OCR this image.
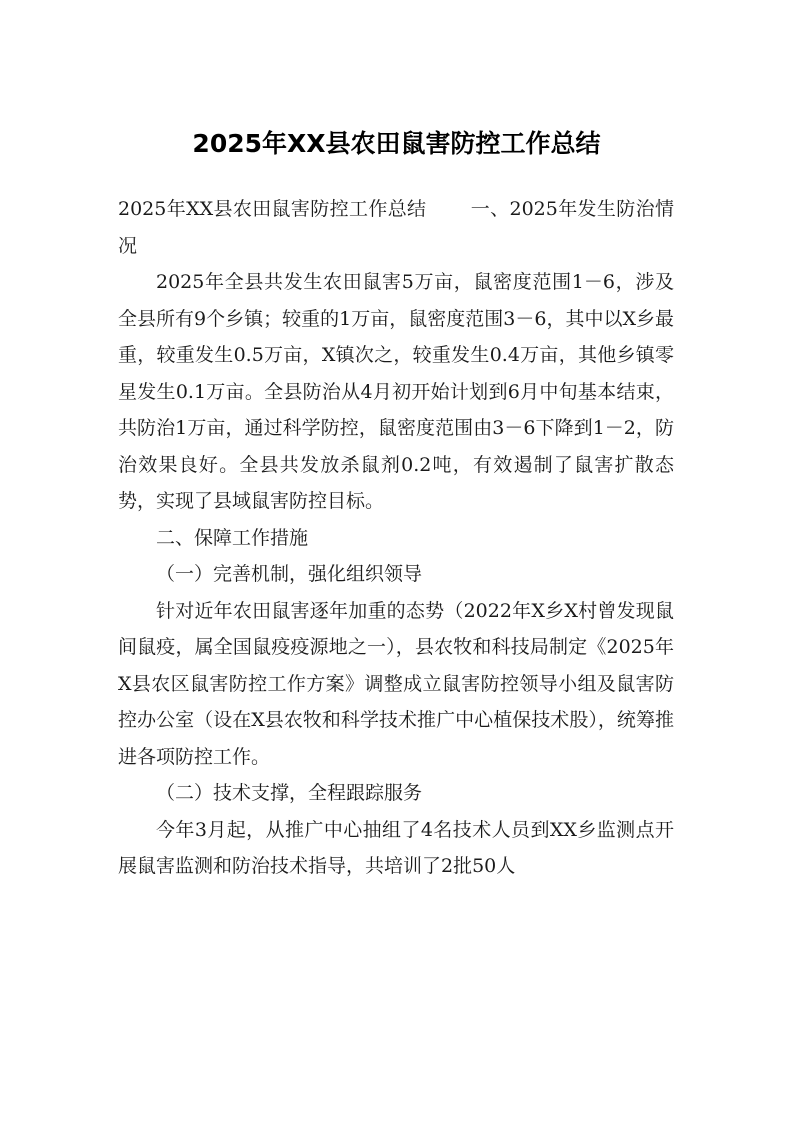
2025年XX县农田鼠害防控工作总结

2025年XX县农田鼠害防控工作总结 一、2025年发生防治情况

2025年全县共发生农田鼠害5万亩，鼠密度范围1－6，涉及全县所有9个乡镇；较重的1万亩，鼠密度范围3－6，其中以X乡最重，较重发生0.5万亩，X镇次之，较重发生0.4万亩，其他乡镇零星发生0.1万亩。全县防治从4月初开始计划到6月中旬基本结束，共防治1万亩，通过科学防控，鼠密度范围由3－6下降到1－2，防治效果良好。全县共发放杀鼠剂0.2吨，有效遏制了鼠害扩散态势，实现了县域鼠害防控目标。

二、保障工作措施

（一）完善机制，强化组织领导

针对近年农田鼠害逐年加重的态势（2022年X乡X村曾发现鼠间鼠疫，属全国鼠疫疫源地之一），县农牧和科技局制定《2025年X县农区鼠害防控工作方案》调整成立鼠害防控领导小组及鼠害防控办公室（设在X县农牧和科学技术推广中心植保技术股），统筹推进各项防控工作。

（二）技术支撑，全程跟踪服务

今年3月起，从推广中心抽组了4名技术人员到XX乡监测点开展鼠害监测和防治技术指导，共培训了2批50人
